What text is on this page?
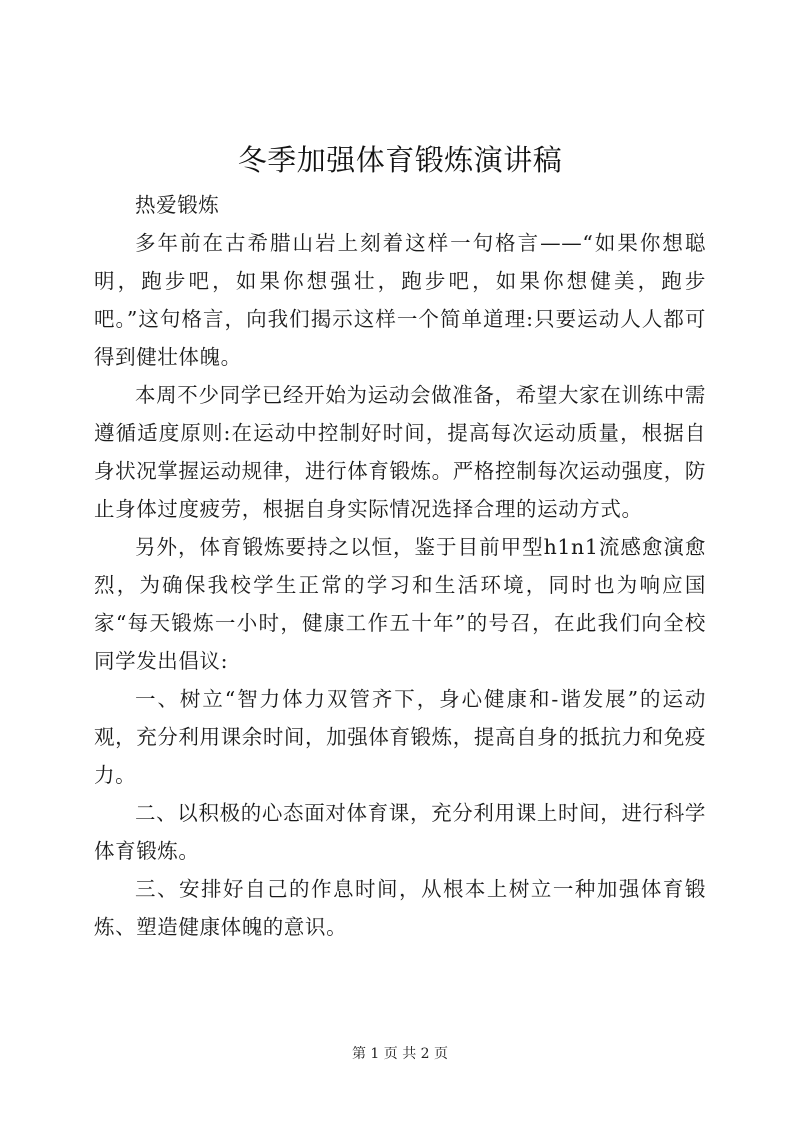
冬季加强体育锻炼演讲稿

热爱锻炼

多年前在古希腊山岩上刻着这样一句格言——“如果你想聪明，跑步吧，如果你想强壮，跑步吧，如果你想健美，跑步吧。”这句格言，向我们揭示这样一个简单道理:只要运动人人都可得到健壮体魄。

本周不少同学已经开始为运动会做准备，希望大家在训练中需遵循适度原则:在运动中控制好时间，提高每次运动质量，根据自身状况掌握运动规律，进行体育锻炼。严格控制每次运动强度，防止身体过度疲劳，根据自身实际情况选择合理的运动方式。

另外，体育锻炼要持之以恒，鉴于目前甲型h1n1流感愈演愈烈，为确保我校学生正常的学习和生活环境，同时也为响应国家“每天锻炼一小时，健康工作五十年”的号召，在此我们向全校同学发出倡议:

一、树立“智力体力双管齐下，身心健康和-谐发展”的运动观，充分利用课余时间，加强体育锻炼，提高自身的抵抗力和免疫力。

二、以积极的心态面对体育课，充分利用课上时间，进行科学体育锻炼。

三、安排好自己的作息时间，从根本上树立一种加强体育锻炼、塑造健康体魄的意识。

第 1 页 共 2 页
